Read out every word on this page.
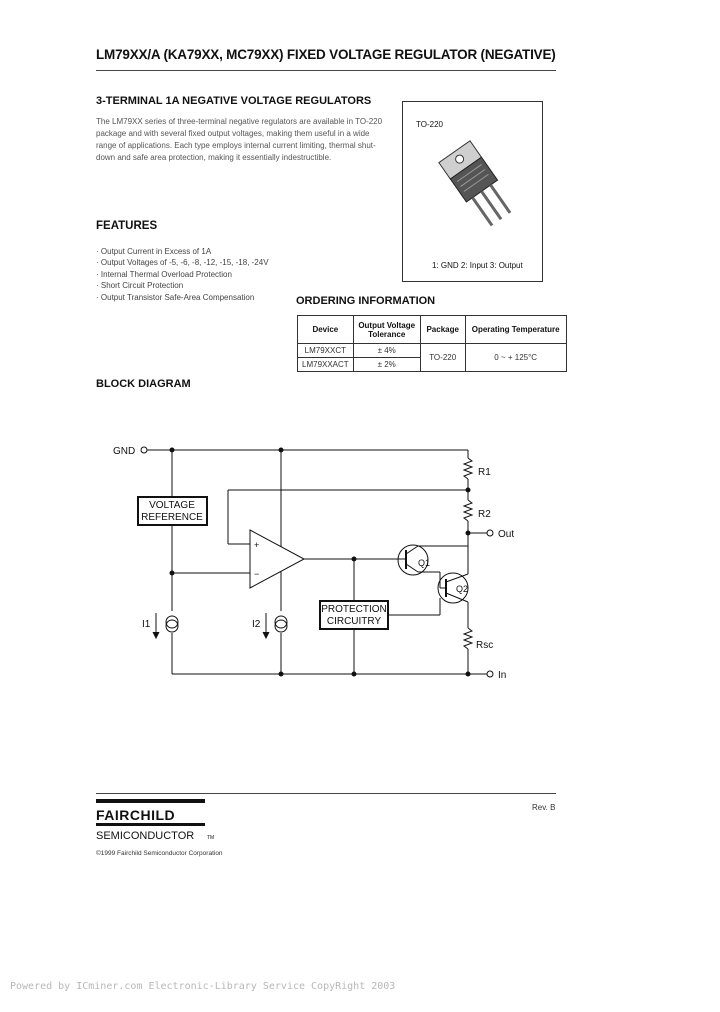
LM79XX/A (KA79XX, MC79XX) FIXED VOLTAGE REGULATOR (NEGATIVE)
3-TERMINAL 1A NEGATIVE VOLTAGE REGULATORS
The LM79XX series of three-terminal negative regulators are available in TO-220 package and with several fixed output voltages, making them useful in a wide range of applications. Each type employs internal current limiting, thermal shut-down and safe area protection, making it essentially indestructible.
TO-220
1: GND 2: Input 3: Output
FEATURES
· Output Current in Excess of 1A
· Output Voltages of -5, -6, -8, -12, -15, -18, -24V
· Internal Thermal Overload Protection
· Short Circuit Protection
· Output Transistor Safe-Area Compensation	ORDERING INFORMATION
Device	Output Voltage Tolerance	Package	Operating Temperature
LM79XXCT	± 4%	TO-220	0 ~ + 125°C
LM79XXACT	± 2%		
BLOCK DIAGRAM
GND
VOLTAGE
REFERENCE
I1	I2
+
−
PROTECTION
CIRCUITRY
R1
R2
Out
Q1
Q2
Rsc
In
Rev. B
FAIRCHILD
SEMICONDUCTOR	TM
©1999 Fairchild Semiconductor Corporation
Powered by ICminer.com Electronic-Library Service CopyRight 2003
